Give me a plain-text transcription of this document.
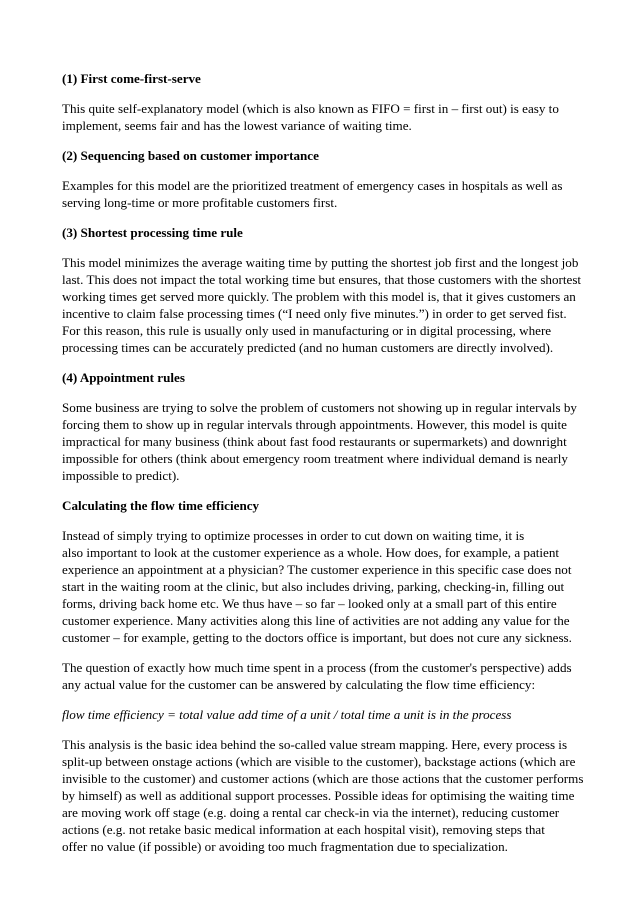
(1) First come-first-serve
This quite self-explanatory model (which is also known as FIFO = first in – first out) is easy to
implement, seems fair and has the lowest variance of waiting time.
(2) Sequencing based on customer importance
Examples for this model are the prioritized treatment of emergency cases in hospitals as well as
serving long-time or more profitable customers first.
(3) Shortest processing time rule
This model minimizes the average waiting time by putting the shortest job first and the longest job
last. This does not impact the total working time but ensures, that those customers with the shortest
working times get served more quickly. The problem with this model is, that it gives customers an
incentive to claim false processing times (“I need only five minutes.”) in order to get served fist.
For this reason, this rule is usually only used in manufacturing or in digital processing, where
processing times can be accurately predicted (and no human customers are directly involved).
(4) Appointment rules
Some business are trying to solve the problem of customers not showing up in regular intervals by
forcing them to show up in regular intervals through appointments. However, this model is quite
impractical for many business (think about fast food restaurants or supermarkets) and downright
impossible for others (think about emergency room treatment where individual demand is nearly
impossible to predict).
Calculating the flow time efficiency
Instead of simply trying to optimize processes in order to cut down on waiting time, it is
also important to look at the customer experience as a whole. How does, for example, a patient
experience an appointment at a physician? The customer experience in this specific case does not
start in the waiting room at the clinic, but also includes driving, parking, checking-in, filling out
forms, driving back home etc. We thus have – so far – looked only at a small part of this entire
customer experience. Many activities along this line of activities are not adding any value for the
customer – for example, getting to the doctors office is important, but does not cure any sickness.
The question of exactly how much time spent in a process (from the customer's perspective) adds
any actual value for the customer can be answered by calculating the flow time efficiency:
flow time efficiency = total value add time of a unit / total time a unit is in the process
This analysis is the basic idea behind the so-called value stream mapping. Here, every process is
split-up between onstage actions (which are visible to the customer), backstage actions (which are
invisible to the customer) and customer actions (which are those actions that the customer performs
by himself) as well as additional support processes. Possible ideas for optimising the waiting time
are moving work off stage (e.g. doing a rental car check-in via the internet), reducing customer
actions (e.g. not retake basic medical information at each hospital visit), removing steps that
offer no value (if possible) or avoiding too much fragmentation due to specialization.
